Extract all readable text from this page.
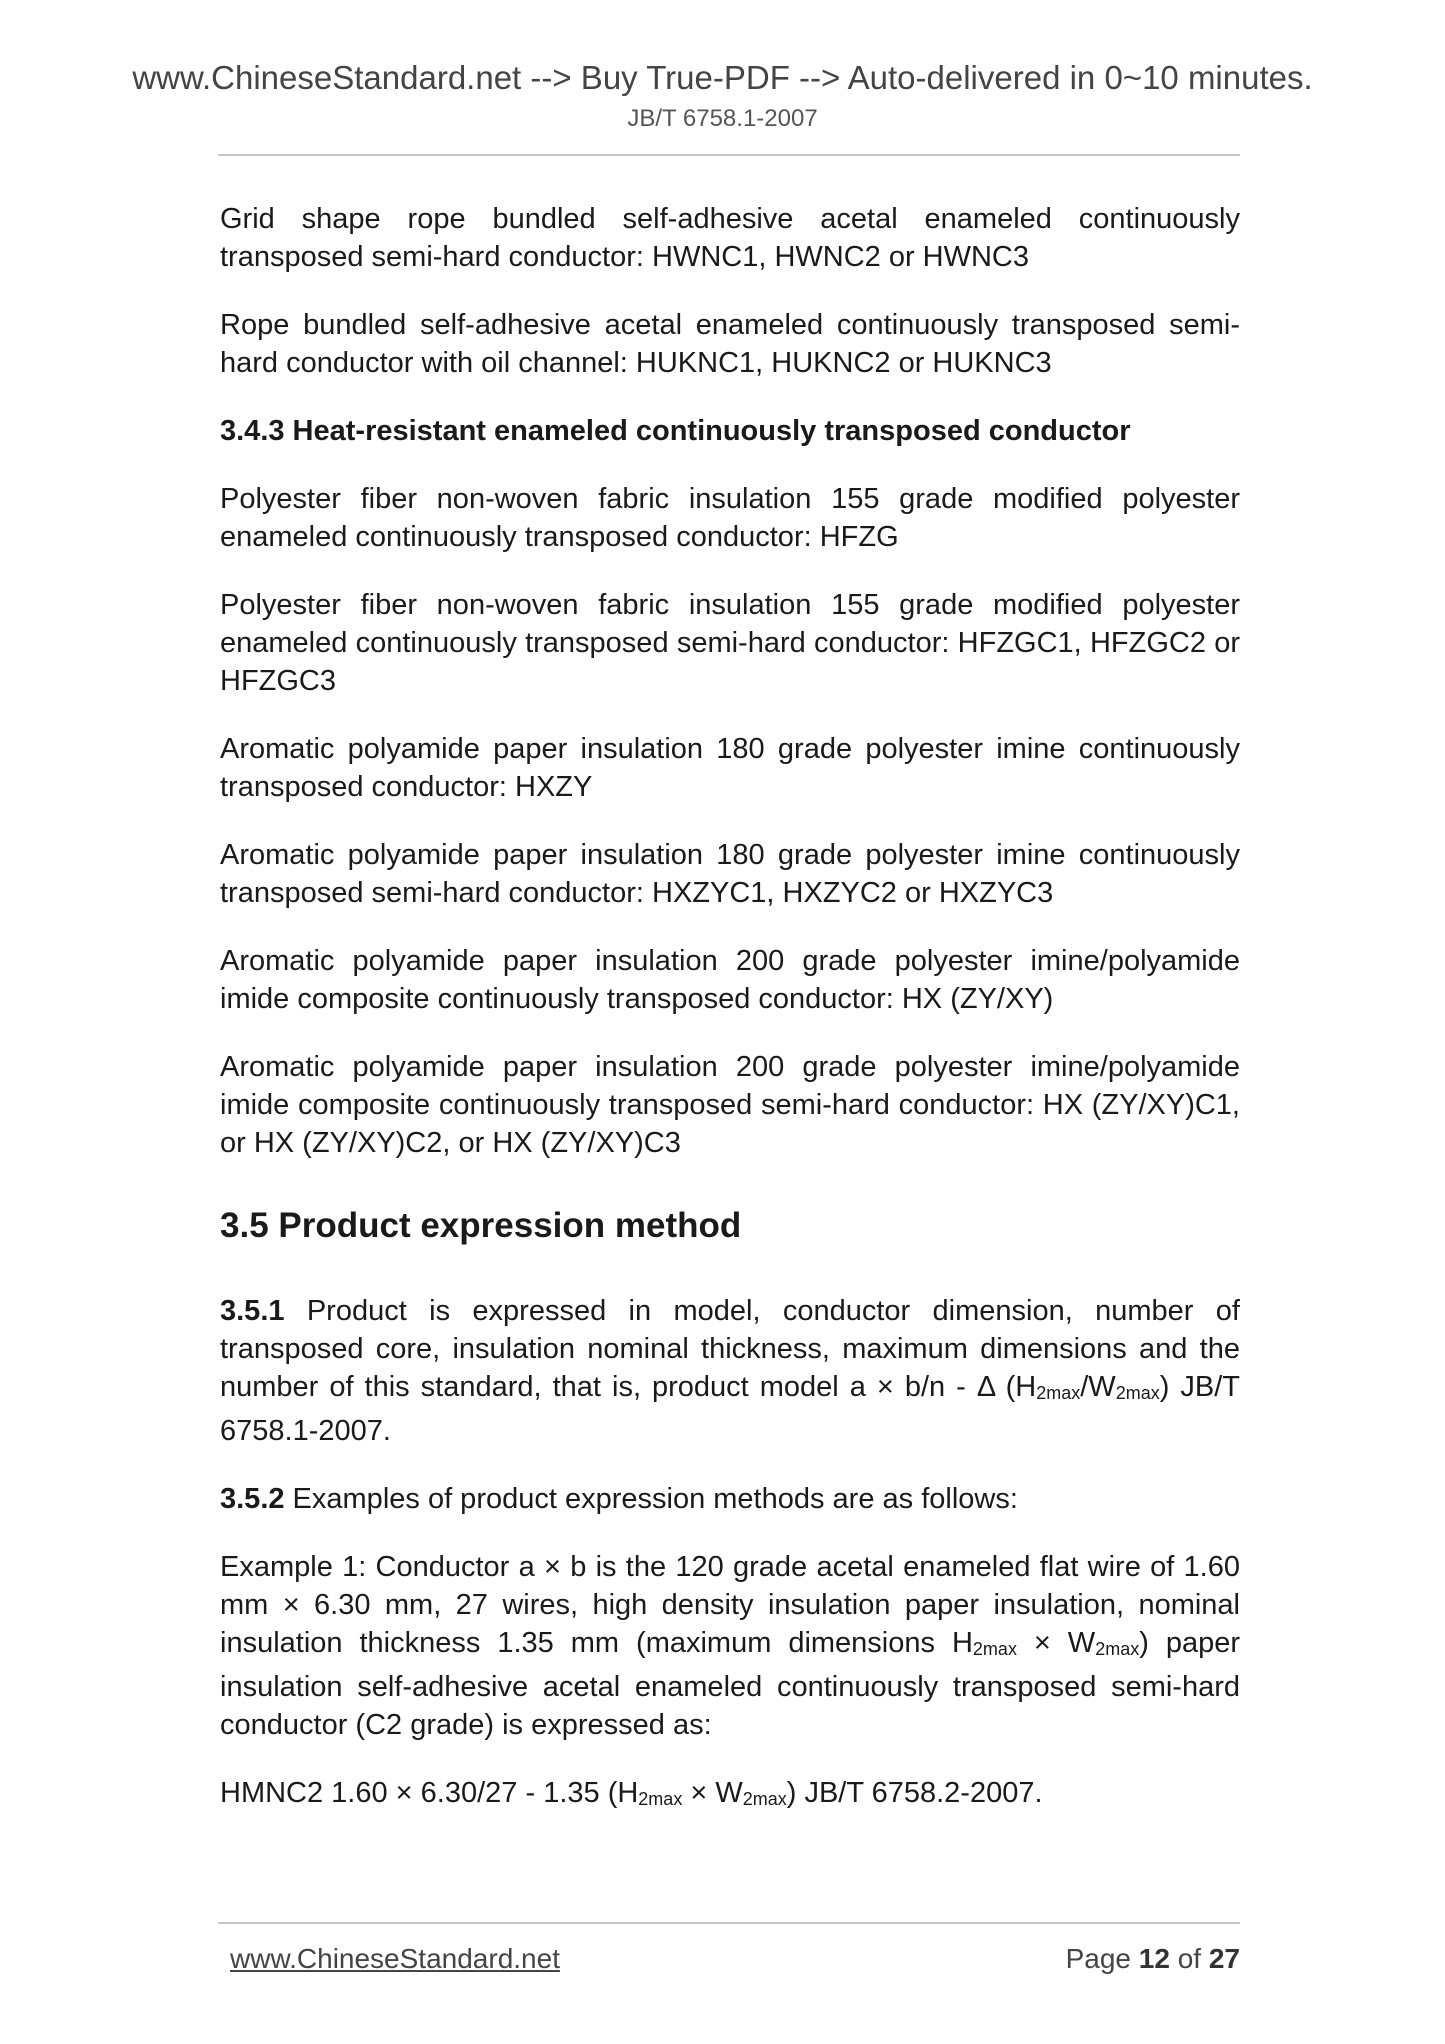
www.ChineseStandard.net --> Buy True-PDF --> Auto-delivered in 0~10 minutes.
JB/T 6758.1-2007

Grid shape rope bundled self-adhesive acetal enameled continuously transposed semi-hard conductor: HWNC1, HWNC2 or HWNC3

Rope bundled self-adhesive acetal enameled continuously transposed semi-hard conductor with oil channel: HUKNC1, HUKNC2 or HUKNC3

3.4.3 Heat-resistant enameled continuously transposed conductor

Polyester fiber non-woven fabric insulation 155 grade modified polyester enameled continuously transposed conductor: HFZG

Polyester fiber non-woven fabric insulation 155 grade modified polyester enameled continuously transposed semi-hard conductor: HFZGC1, HFZGC2 or HFZGC3

Aromatic polyamide paper insulation 180 grade polyester imine continuously transposed conductor: HXZY

Aromatic polyamide paper insulation 180 grade polyester imine continuously transposed semi-hard conductor: HXZYC1, HXZYC2 or HXZYC3

Aromatic polyamide paper insulation 200 grade polyester imine/polyamide imide composite continuously transposed conductor: HX (ZY/XY)

Aromatic polyamide paper insulation 200 grade polyester imine/polyamide imide composite continuously transposed semi-hard conductor: HX (ZY/XY)C1, or HX (ZY/XY)C2, or HX (ZY/XY)C3

3.5 Product expression method

3.5.1 Product is expressed in model, conductor dimension, number of transposed core, insulation nominal thickness, maximum dimensions and the number of this standard, that is, product model a × b/n - Δ $(H_{2max}/W_{2max})$ JB/T 6758.1-2007.

3.5.2 Examples of product expression methods are as follows:

Example 1: Conductor a × b is the 120 grade acetal enameled flat wire of 1.60 mm × 6.30 mm, 27 wires, high density insulation paper insulation, nominal insulation thickness 1.35 mm (maximum dimensions $H_{2max} \times W_{2max}$) paper insulation self-adhesive acetal enameled continuously transposed semi-hard conductor (C2 grade) is expressed as:

HMNC2 1.60 × 6.30/27 - 1.35 $(H_{2max} \times W_{2max})$ JB/T 6758.2-2007.

www.ChineseStandard.net	Page 12 of 27
